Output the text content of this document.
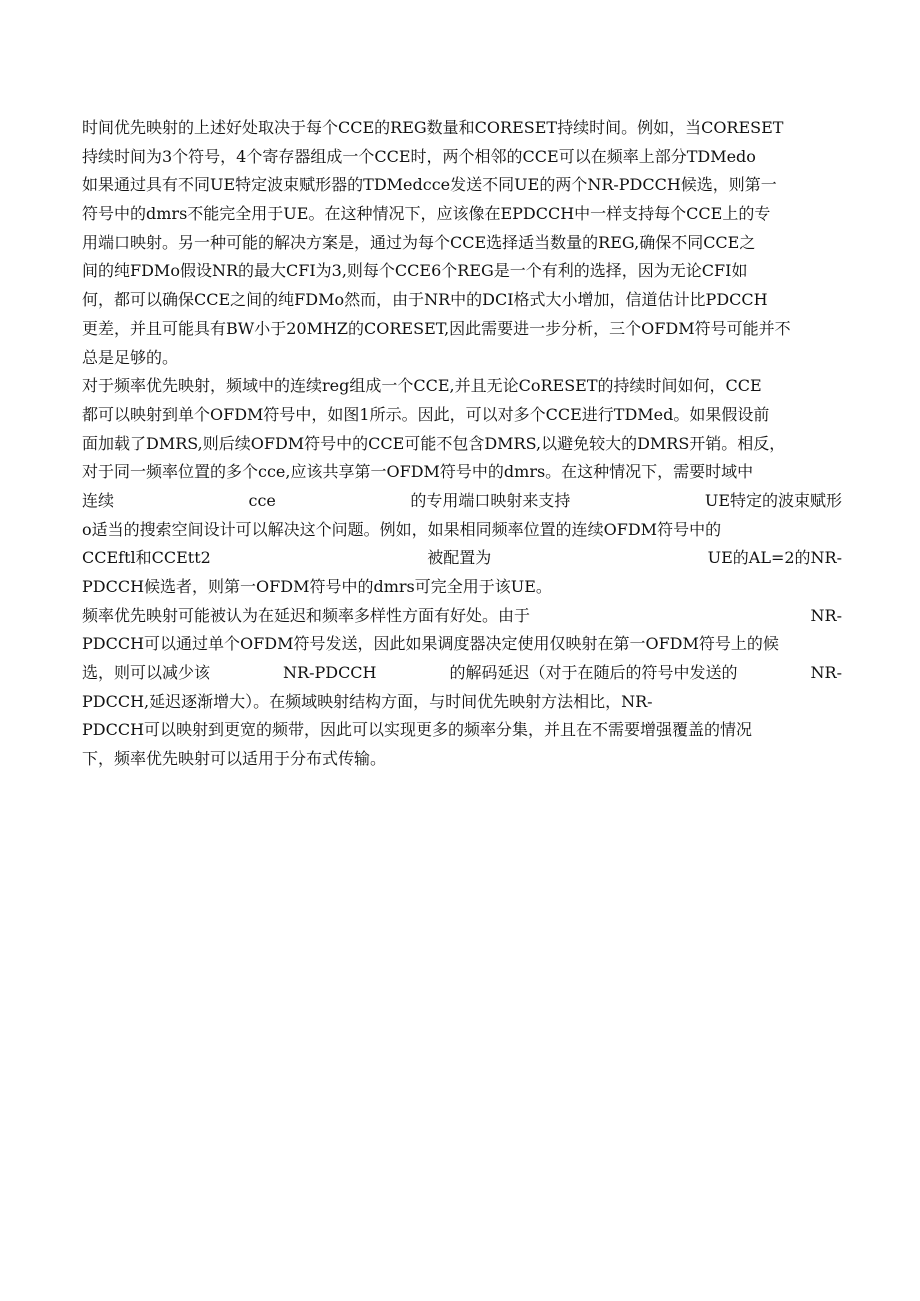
时间优先映射的上述好处取决于每个CCE的REG数量和CORESET持续时间。例如，当CORESET
持续时间为3个符号，4个寄存器组成一个CCE时，两个相邻的CCE可以在频率上部分TDMedo
如果通过具有不同UE特定波束赋形器的TDMedcce发送不同UE的两个NR-PDCCH候选，则第一
符号中的dmrs不能完全用于UE。在这种情况下，应该像在EPDCCH中一样支持每个CCE上的专
用端口映射。另一种可能的解决方案是，通过为每个CCE选择适当数量的REG,确保不同CCE之
间的纯FDMo假设NR的最大CFI为3,则每个CCE6个REG是一个有利的选择，因为无论CFI如
何，都可以确保CCE之间的纯FDMo然而，由于NR中的DCI格式大小增加，信道估计比PDCCH
更差，并且可能具有BW小于20MHZ的CORESET,因此需要进一步分析，三个OFDM符号可能并不
总是足够的。
对于频率优先映射，频域中的连续reg组成一个CCE,并且无论CoRESET的持续时间如何，CCE
都可以映射到单个OFDM符号中，如图1所示。因此，可以对多个CCE进行TDMed。如果假设前
面加载了DMRS,则后续OFDM符号中的CCE可能不包含DMRS,以避免较大的DMRS开销。相反，
对于同一频率位置的多个cce,应该共享第一OFDM符号中的dmrs。在这种情况下，需要时域中
连续	cce	的专用端口映射来支持	UE特定的波束赋形
o适当的搜索空间设计可以解决这个问题。例如，如果相同频率位置的连续OFDM符号中的
CCEftl和CCEtt2	被配置为	UE的AL=2的NR-
PDCCH候选者，则第一OFDM符号中的dmrs可完全用于该UE。
频率优先映射可能被认为在延迟和频率多样性方面有好处。由于	NR-
PDCCH可以通过单个OFDM符号发送，因此如果调度器决定使用仅映射在第一OFDM符号上的候
选，则可以减少该	NR-PDCCH	的解码延迟（对于在随后的符号中发送的	NR-
PDCCH,延迟逐渐增大）。在频域映射结构方面，与时间优先映射方法相比，NR-
PDCCH可以映射到更宽的频带，因此可以实现更多的频率分集，并且在不需要增强覆盖的情况
下，频率优先映射可以适用于分布式传输。
